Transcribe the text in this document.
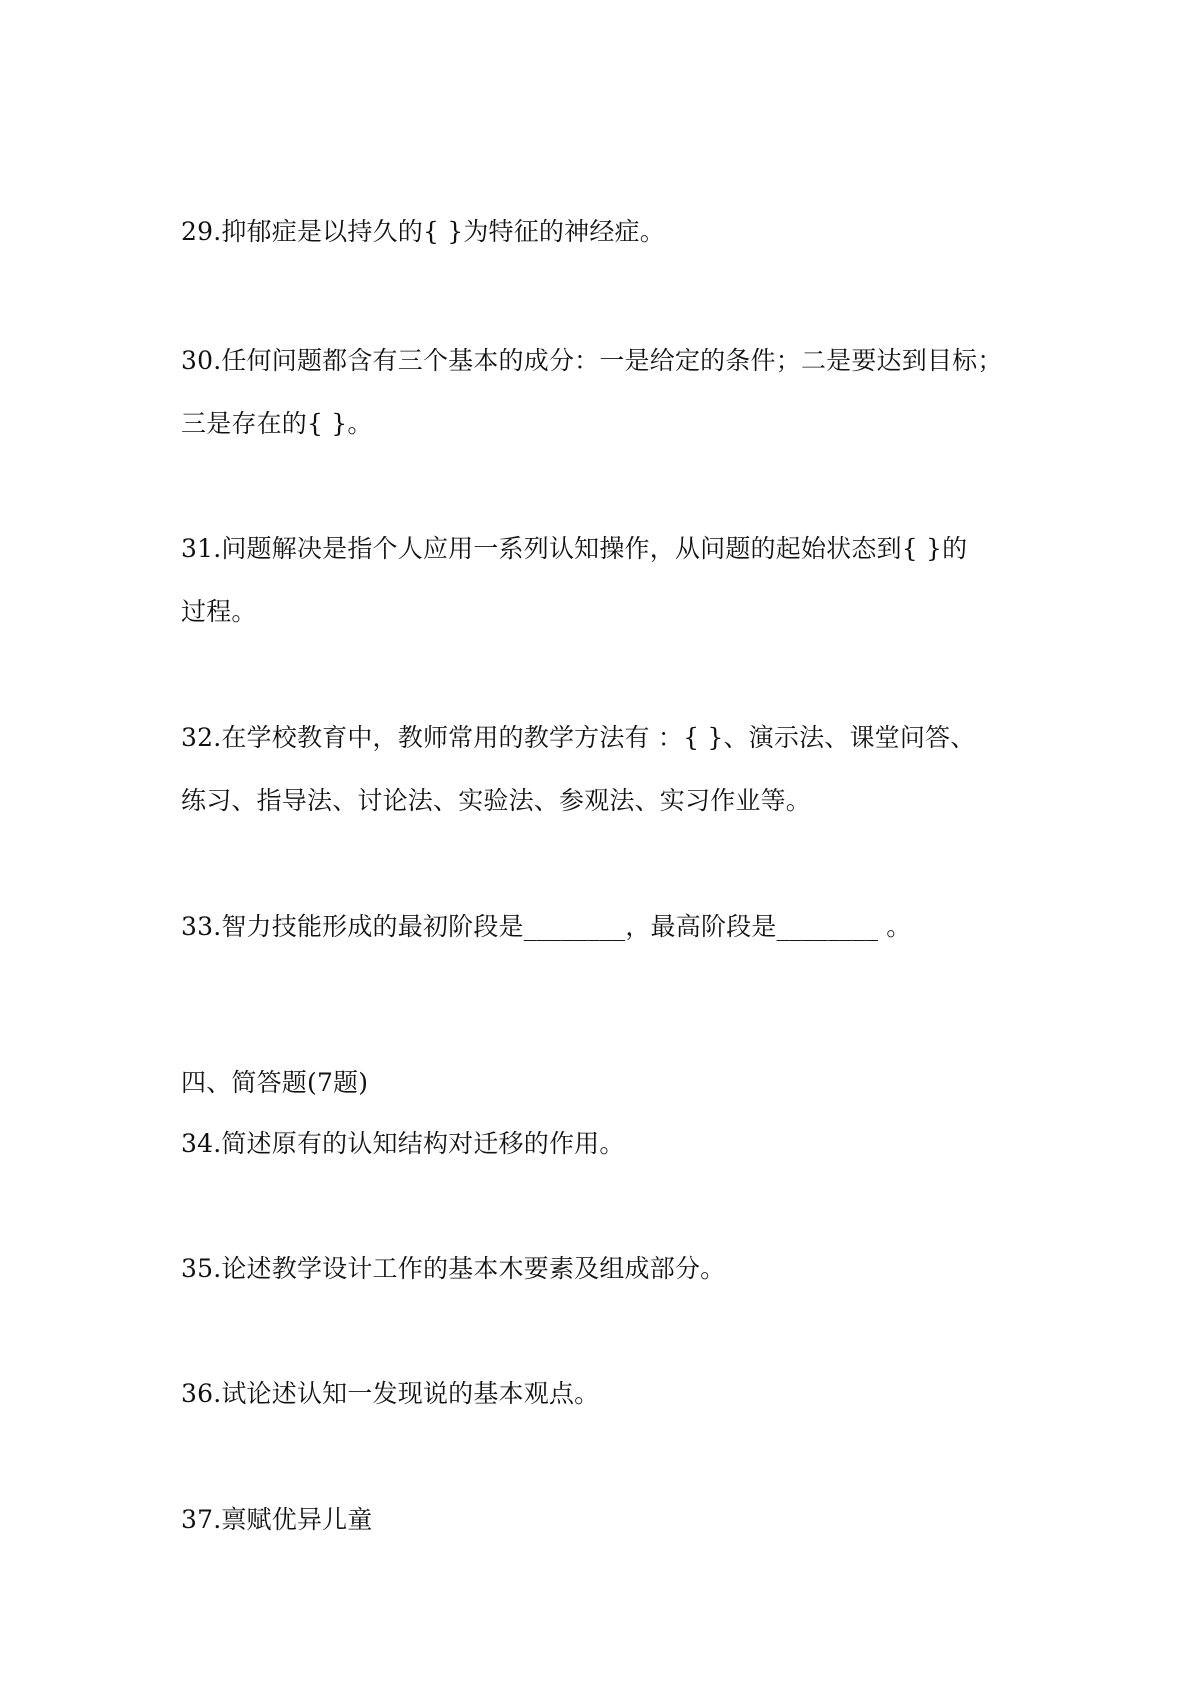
29.抑郁症是以持久的{ }为特征的神经症。
30.任何问题都含有三个基本的成分：一是给定的条件；二是要达到目标；
三是存在的{ }。
31.问题解决是指个人应用一系列认知操作，从问题的起始状态到{ }的
过程。
32.在学校教育中，教师常用的教学方法有 ：{ }、演示法、课堂问答、
练习、指导法、讨论法、实验法、参观法、实习作业等。
33.智力技能形成的最初阶段是________，最高阶段是________ 。
四、简答题(7题)
34.简述原有的认知结构对迁移的作用。
35.论述教学设计工作的基本木要素及组成部分。
36.试论述认知一发现说的基本观点。
37.禀赋优异儿童
